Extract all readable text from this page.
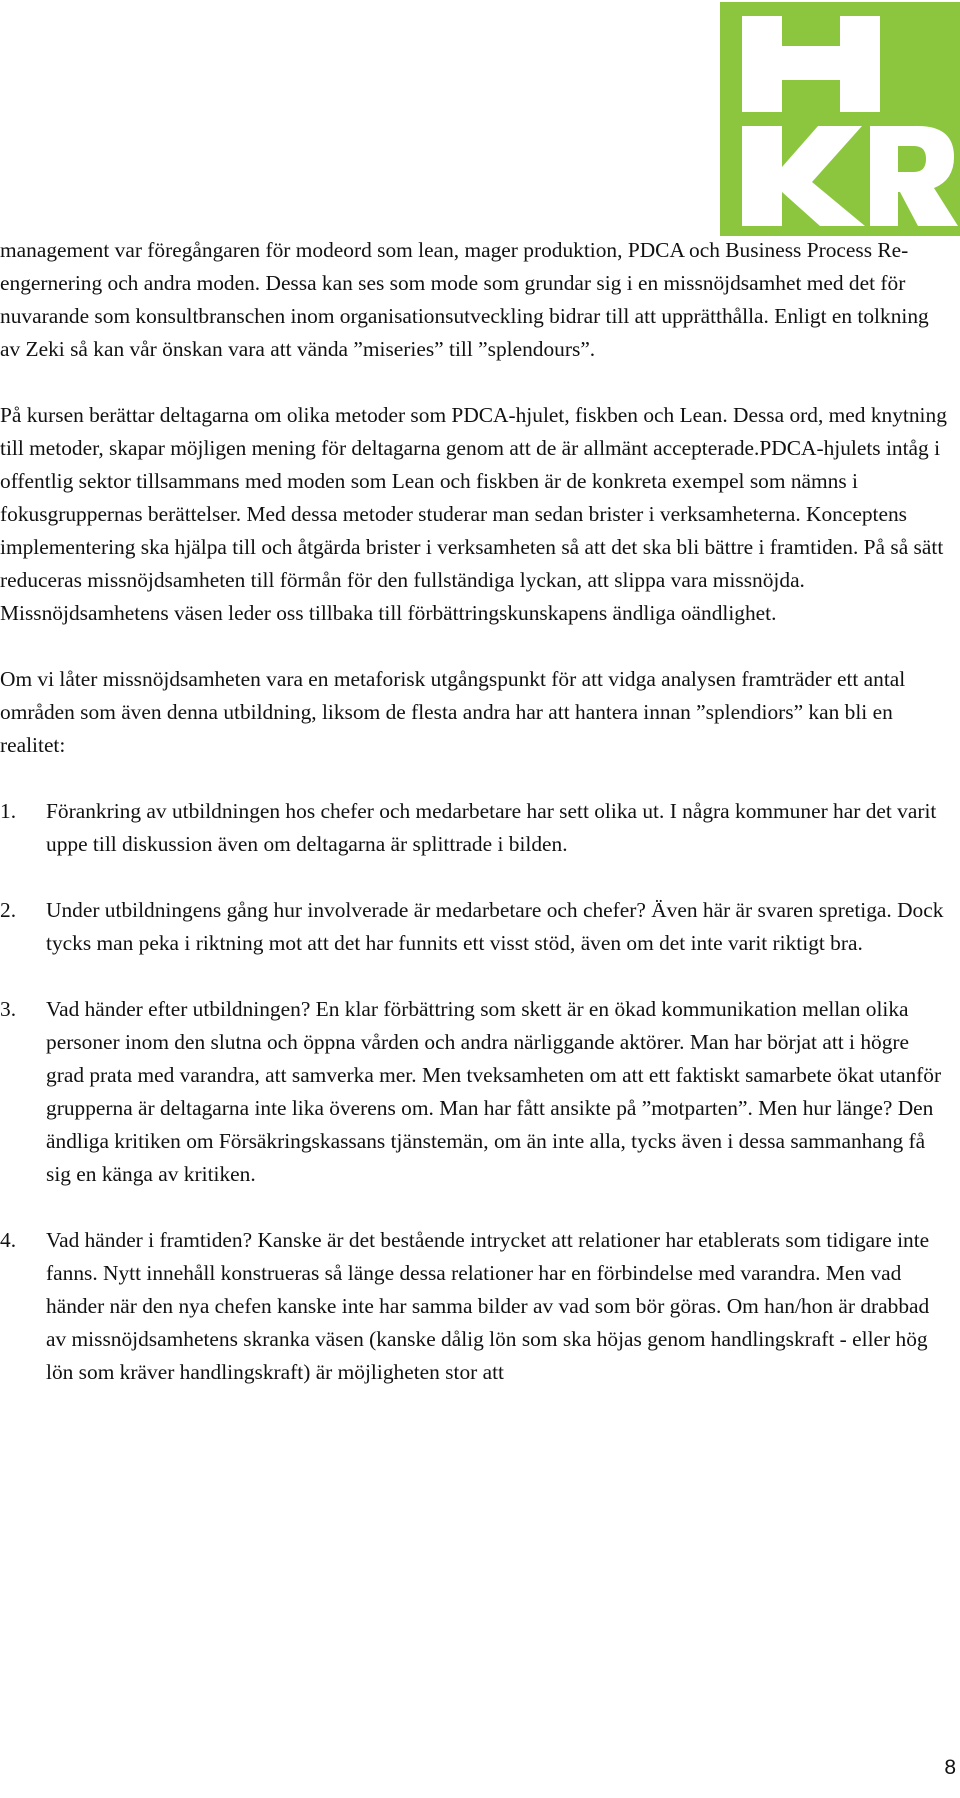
management var föregångaren för modeord som lean, mager produktion, PDCA och Business Process Re-engernering och andra moden. Dessa kan ses som mode som grundar sig i en missnöjdsamhet med det för nuvarande som konsultbranschen inom organisationsutveckling bidrar till att upprätthålla. Enligt en tolkning av Zeki så kan vår önskan vara att vända ”miseries” till ”splendours”.

På kursen berättar deltagarna om olika metoder som PDCA-hjulet, fiskben och Lean. Dessa ord, med knytning till metoder, skapar möjligen mening för deltagarna genom att de är allmänt accepterade.PDCA-hjulets intåg i offentlig sektor tillsammans med moden som Lean och fiskben är de konkreta exempel som nämns i fokusgruppernas berättelser. Med dessa metoder studerar man sedan brister i verksamheterna. Konceptens implementering ska hjälpa till och åtgärda brister i verksamheten så att det ska bli bättre i framtiden. På så sätt reduceras missnöjdsamheten till förmån för den fullständiga lyckan, att slippa vara missnöjda. Missnöjdsamhetens väsen leder oss tillbaka till förbättringskunskapens ändliga oändlighet.

Om vi låter missnöjdsamheten vara en metaforisk utgångspunkt för att vidga analysen framträder ett antal områden som även denna utbildning, liksom de flesta andra har att hantera innan ”splendiors” kan bli en realitet:

1. Förankring av utbildningen hos chefer och medarbetare har sett olika ut. I några kommuner har det varit uppe till diskussion även om deltagarna är splittrade i bilden.
2. Under utbildningens gång hur involverade är medarbetare och chefer? Även här är svaren spretiga. Dock tycks man peka i riktning mot att det har funnits ett visst stöd, även om det inte varit riktigt bra.
3. Vad händer efter utbildningen? En klar förbättring som skett är en ökad kommunikation mellan olika personer inom den slutna och öppna vården och andra närliggande aktörer. Man har börjat att i högre grad prata med varandra, att samverka mer. Men tveksamheten om att ett faktiskt samarbete ökat utanför grupperna är deltagarna inte lika överens om. Man har fått ansikte på ”motparten”. Men hur länge? Den ändliga kritiken om Försäkringskassans tjänstemän, om än inte alla, tycks även i dessa sammanhang få sig en känga av kritiken.
4. Vad händer i framtiden? Kanske är det bestående intrycket att relationer har etablerats som tidigare inte fanns. Nytt innehåll konstrueras så länge dessa relationer har en förbindelse med varandra. Men vad händer när den nya chefen kanske inte har samma bilder av vad som bör göras. Om han/hon är drabbad av missnöjdsamhetens skranka väsen (kanske dålig lön som ska höjas genom handlingskraft - eller hög lön som kräver handlingskraft) är möjligheten stor att
8
